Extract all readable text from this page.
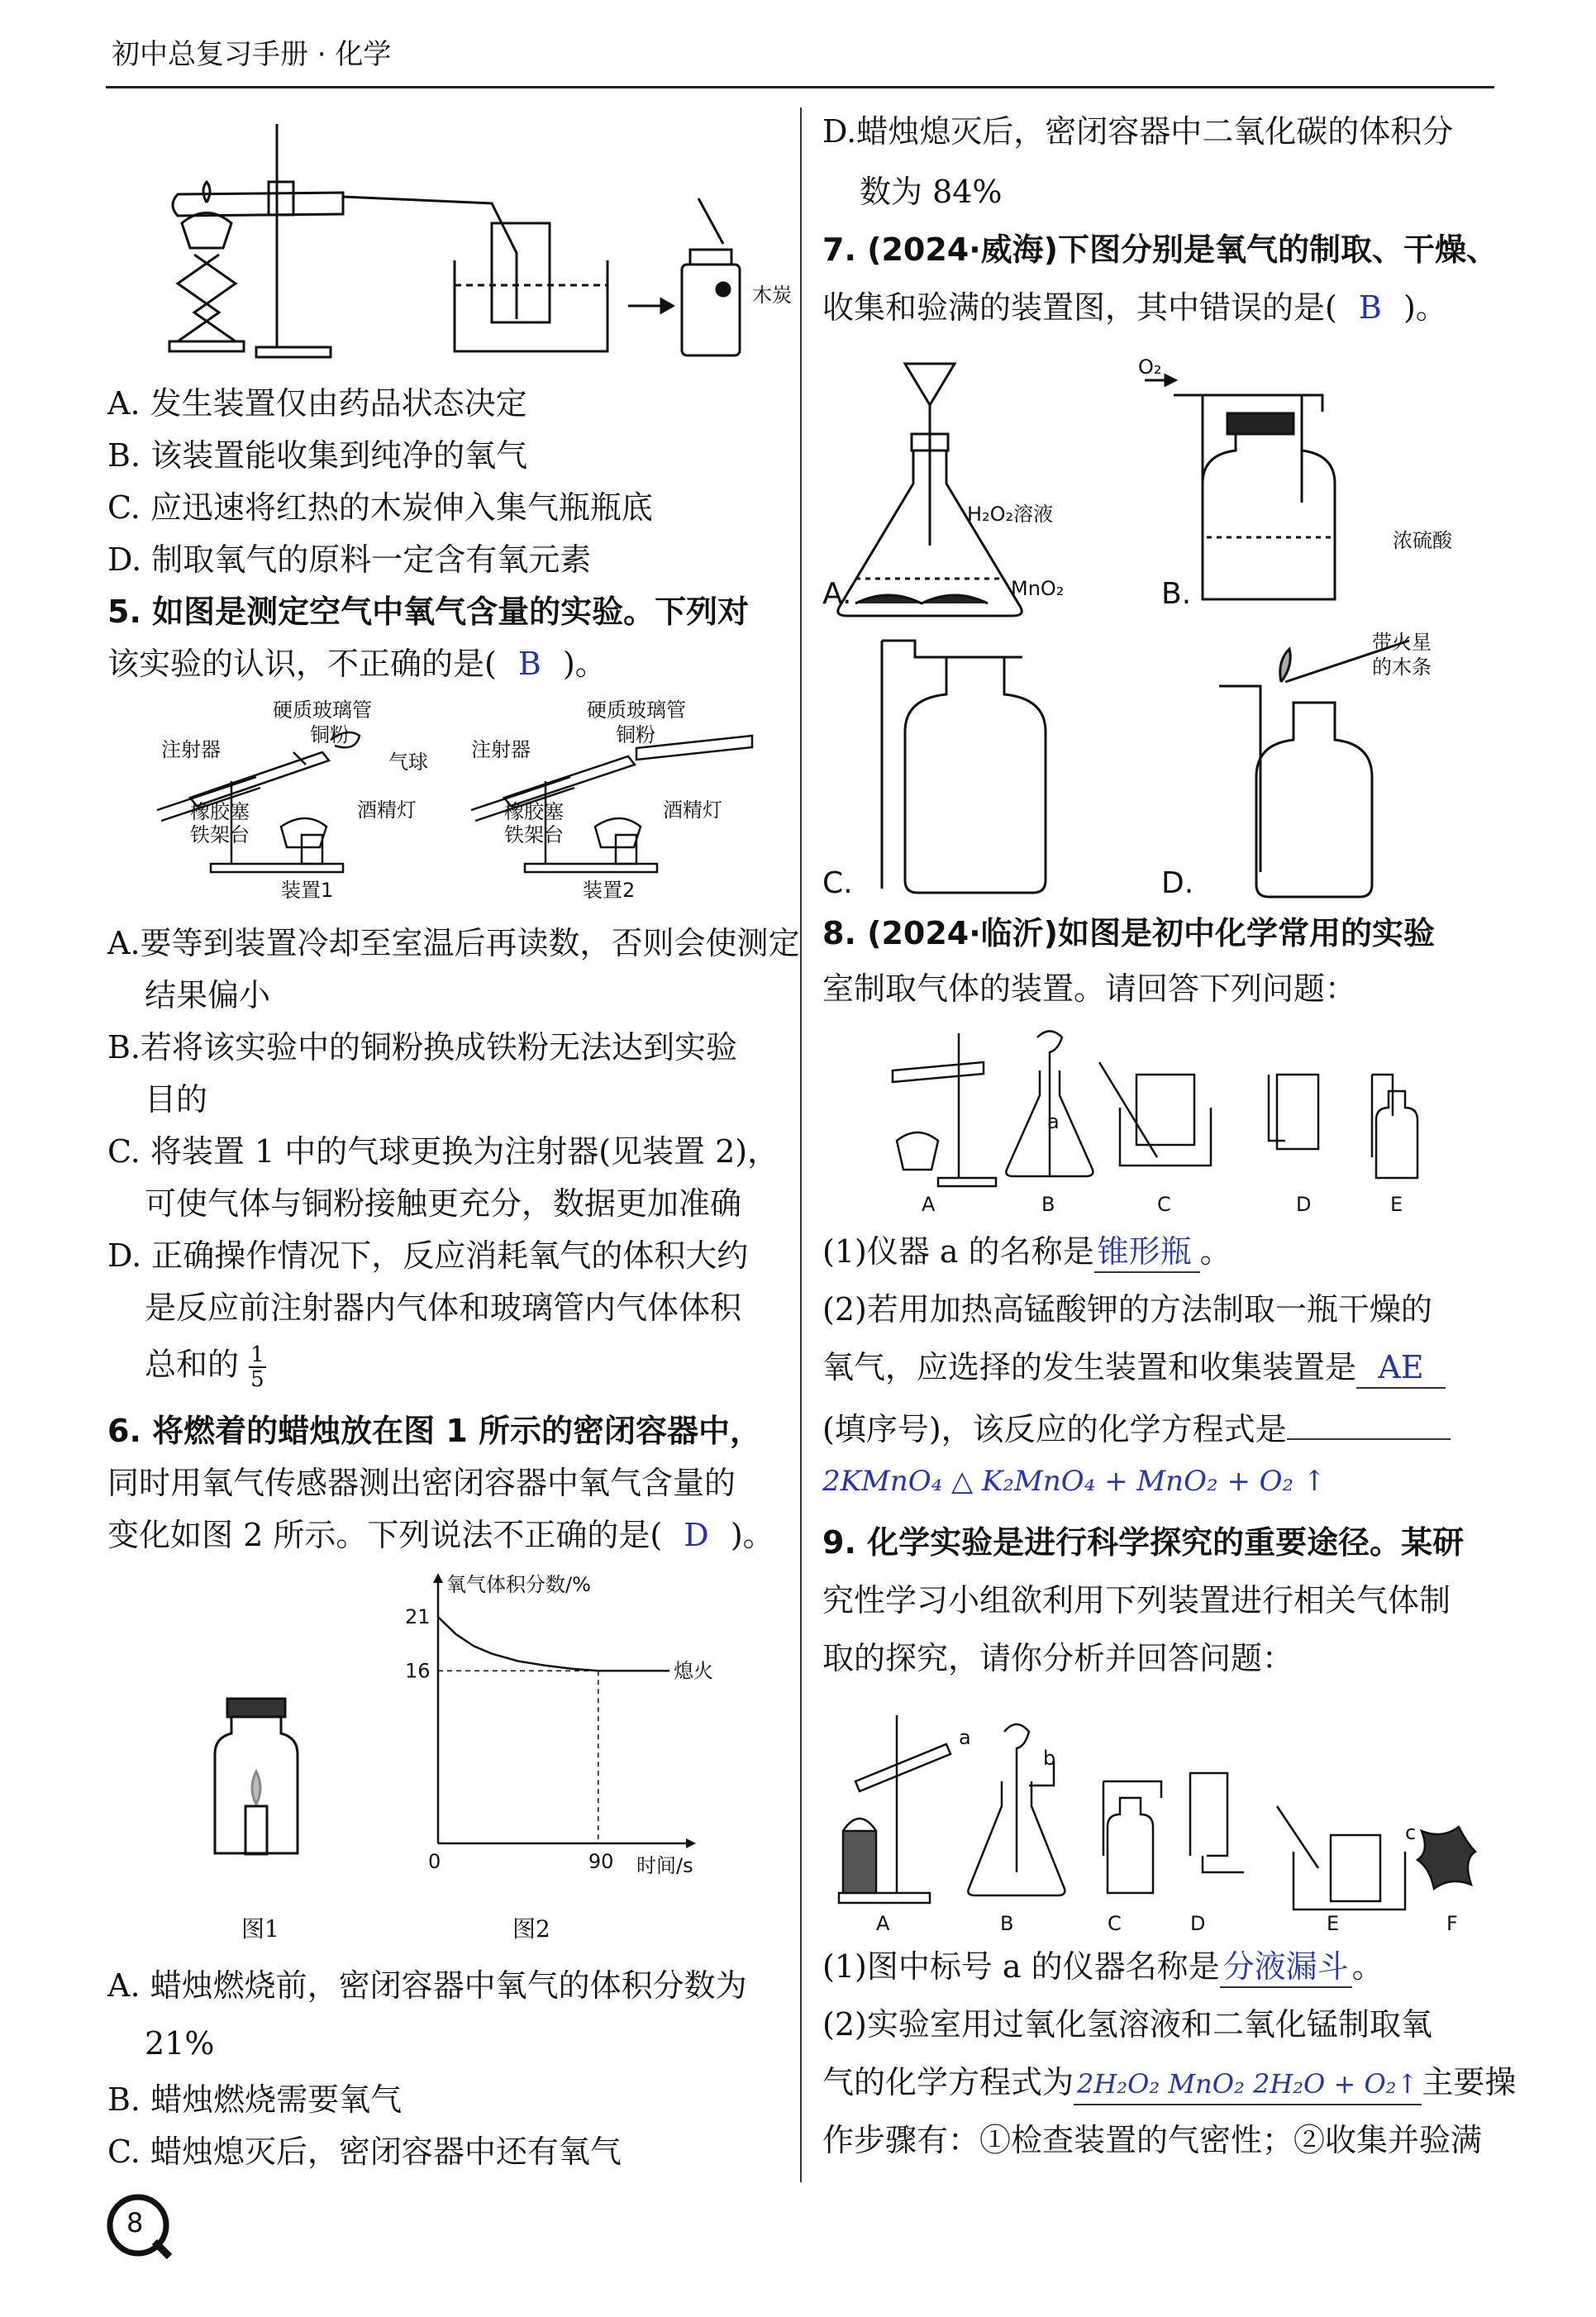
初中总复习手册 · 化学
木炭
A. 发生装置仅由药品状态决定
B. 该装置能收集到纯净的氧气
C. 应迅速将红热的木炭伸入集气瓶瓶底
D. 制取氧气的原料一定含有氧元素
5. 如图是测定空气中氧气含量的实验。下列对
该实验的认识，不正确的是( B )。
硬质玻璃管
铜粉
注射器
气球
橡胶塞
铁架台
酒精灯
装置1
硬质玻璃管
铜粉
注射器
橡胶塞
铁架台
酒精灯
装置2
A.要等到装置冷却至室温后再读数，否则会使测定
结果偏小
B.若将该实验中的铜粉换成铁粉无法达到实验
目的
C. 将装置 1 中的气球更换为注射器(见装置 2)，
可使气体与铜粉接触更充分，数据更加准确
D. 正确操作情况下，反应消耗氧气的体积大约
是反应前注射器内气体和玻璃管内气体体积
总和的 $\frac{1}{5}$
6. 将燃着的蜡烛放在图 1 所示的密闭容器中，
同时用氧气传感器测出密闭容器中氧气含量的
变化如图 2 所示。下列说法不正确的是( D )。
图1
21
16
0	90
氧气体积分数/%
时间/s
熄火
图2
A. 蜡烛燃烧前，密闭容器中氧气的体积分数为
21%
B. 蜡烛燃烧需要氧气
C. 蜡烛熄灭后，密闭容器中还有氧气
8
D.蜡烛熄灭后，密闭容器中二氧化碳的体积分
数为 84%
7. (2024·威海)下图分别是氧气的制取、干燥、
收集和验满的装置图，其中错误的是( B )。
H₂O₂溶液
MnO₂
O₂
浓硫酸
带火星
的木条
A.	B.
C.	D.
8. (2024·临沂)如图是初中化学常用的实验
室制取气体的装置。请回答下列问题：
a
A	B	C	D	E
(1)仪器 a 的名称是 锥形瓶 。
(2)若用加热高锰酸钾的方法制取一瓶干燥的
氧气，应选择的发生装置和收集装置是 AE
(填序号)，该反应的化学方程式是
2KMnO₄ △ K₂MnO₄ + MnO₂ + O₂ ↑
9. 化学实验是进行科学探究的重要途径。某研
究性学习小组欲利用下列装置进行相关气体制
取的探究，请你分析并回答问题：
a
b
c
A	B	C	D	E	F
(1)图中标号 a 的仪器名称是 分液漏斗 。
(2)实验室用过氧化氢溶液和二氧化锰制取氧
气的化学方程式为 2H₂O₂ MnO₂ 2H₂O + O₂↑ 主要操
作步骤有：①检查装置的气密性；②收集并验满
